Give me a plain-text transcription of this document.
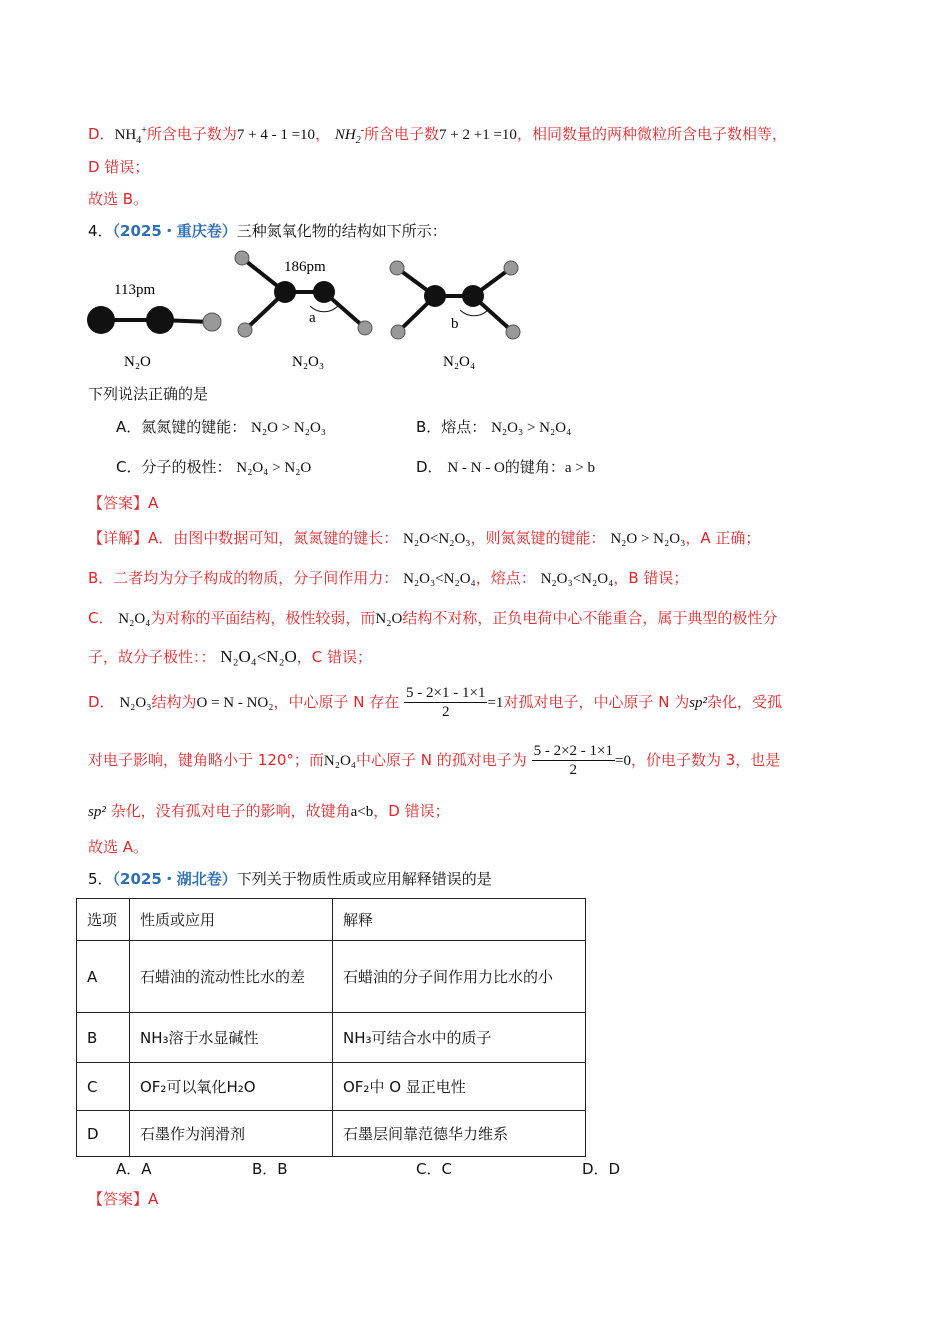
D．$NH_4^+$所含电子数为7 + 4 - 1 =10， $NH_2^-$所含电子数7 + 2 +1 =10，相同数量的两种微粒所含电子数相等，
D 错误；
故选 B。
4．（2025・重庆卷）三种氮氧化物的结构如下所示：
113pm
N₂O
186pm
a
N₂O₃
b
N₂O₄
下列说法正确的是
A．氮氮键的键能： N₂O > N₂O₃	B．熔点： N₂O₃ > N₂O₄
C．分子的极性： N₂O₄ > N₂O	D． N - N - O的键角：a > b
【答案】A
【详解】A．由图中数据可知，氮氮键的键长： N₂O<N₂O₃，则氮氮键的键能： N₂O > N₂O₃，A 正确；
B．二者均为分子构成的物质，分子间作用力： N₂O₃<N₂O₄，熔点： N₂O₃<N₂O₄，B 错误；
C． N₂O₄为对称的平面结构，极性较弱，而N₂O结构不对称，正负电荷中心不能重合，属于典型的极性分
子，故分子极性：： N₂O₄<N₂O，C 错误；
D． N₂O₃结构为O = N - NO₂，中心原子 N 存在 $\frac{5 - 2\times 1 - 1\times 1}{2} =1$对孤对电子，中心原子 N 为sp²杂化，受孤
对电子影响，键角略小于 120°；而N₂O₄中心原子 N 的孤对电子为 $\frac{5 - 2\times 2 - 1\times 1}{2} =0$，价电子数为 3，也是
sp² 杂化，没有孤对电子的影响，故键角a<b，D 错误；
故选 A。
5．（2025・湖北卷）下列关于物质性质或应用解释错误的是
选项	性质或应用	解释
A	石蜡油的流动性比水的差	石蜡油的分子间作用力比水的小
B	NH₃溶于水显碱性	NH₃可结合水中的质子
C	OF₂可以氧化H₂O	OF₂中 O 显正电性
D	石墨作为润滑剂	石墨层间靠范德华力维系
A．A	B．B	C．C	D．D
【答案】A
